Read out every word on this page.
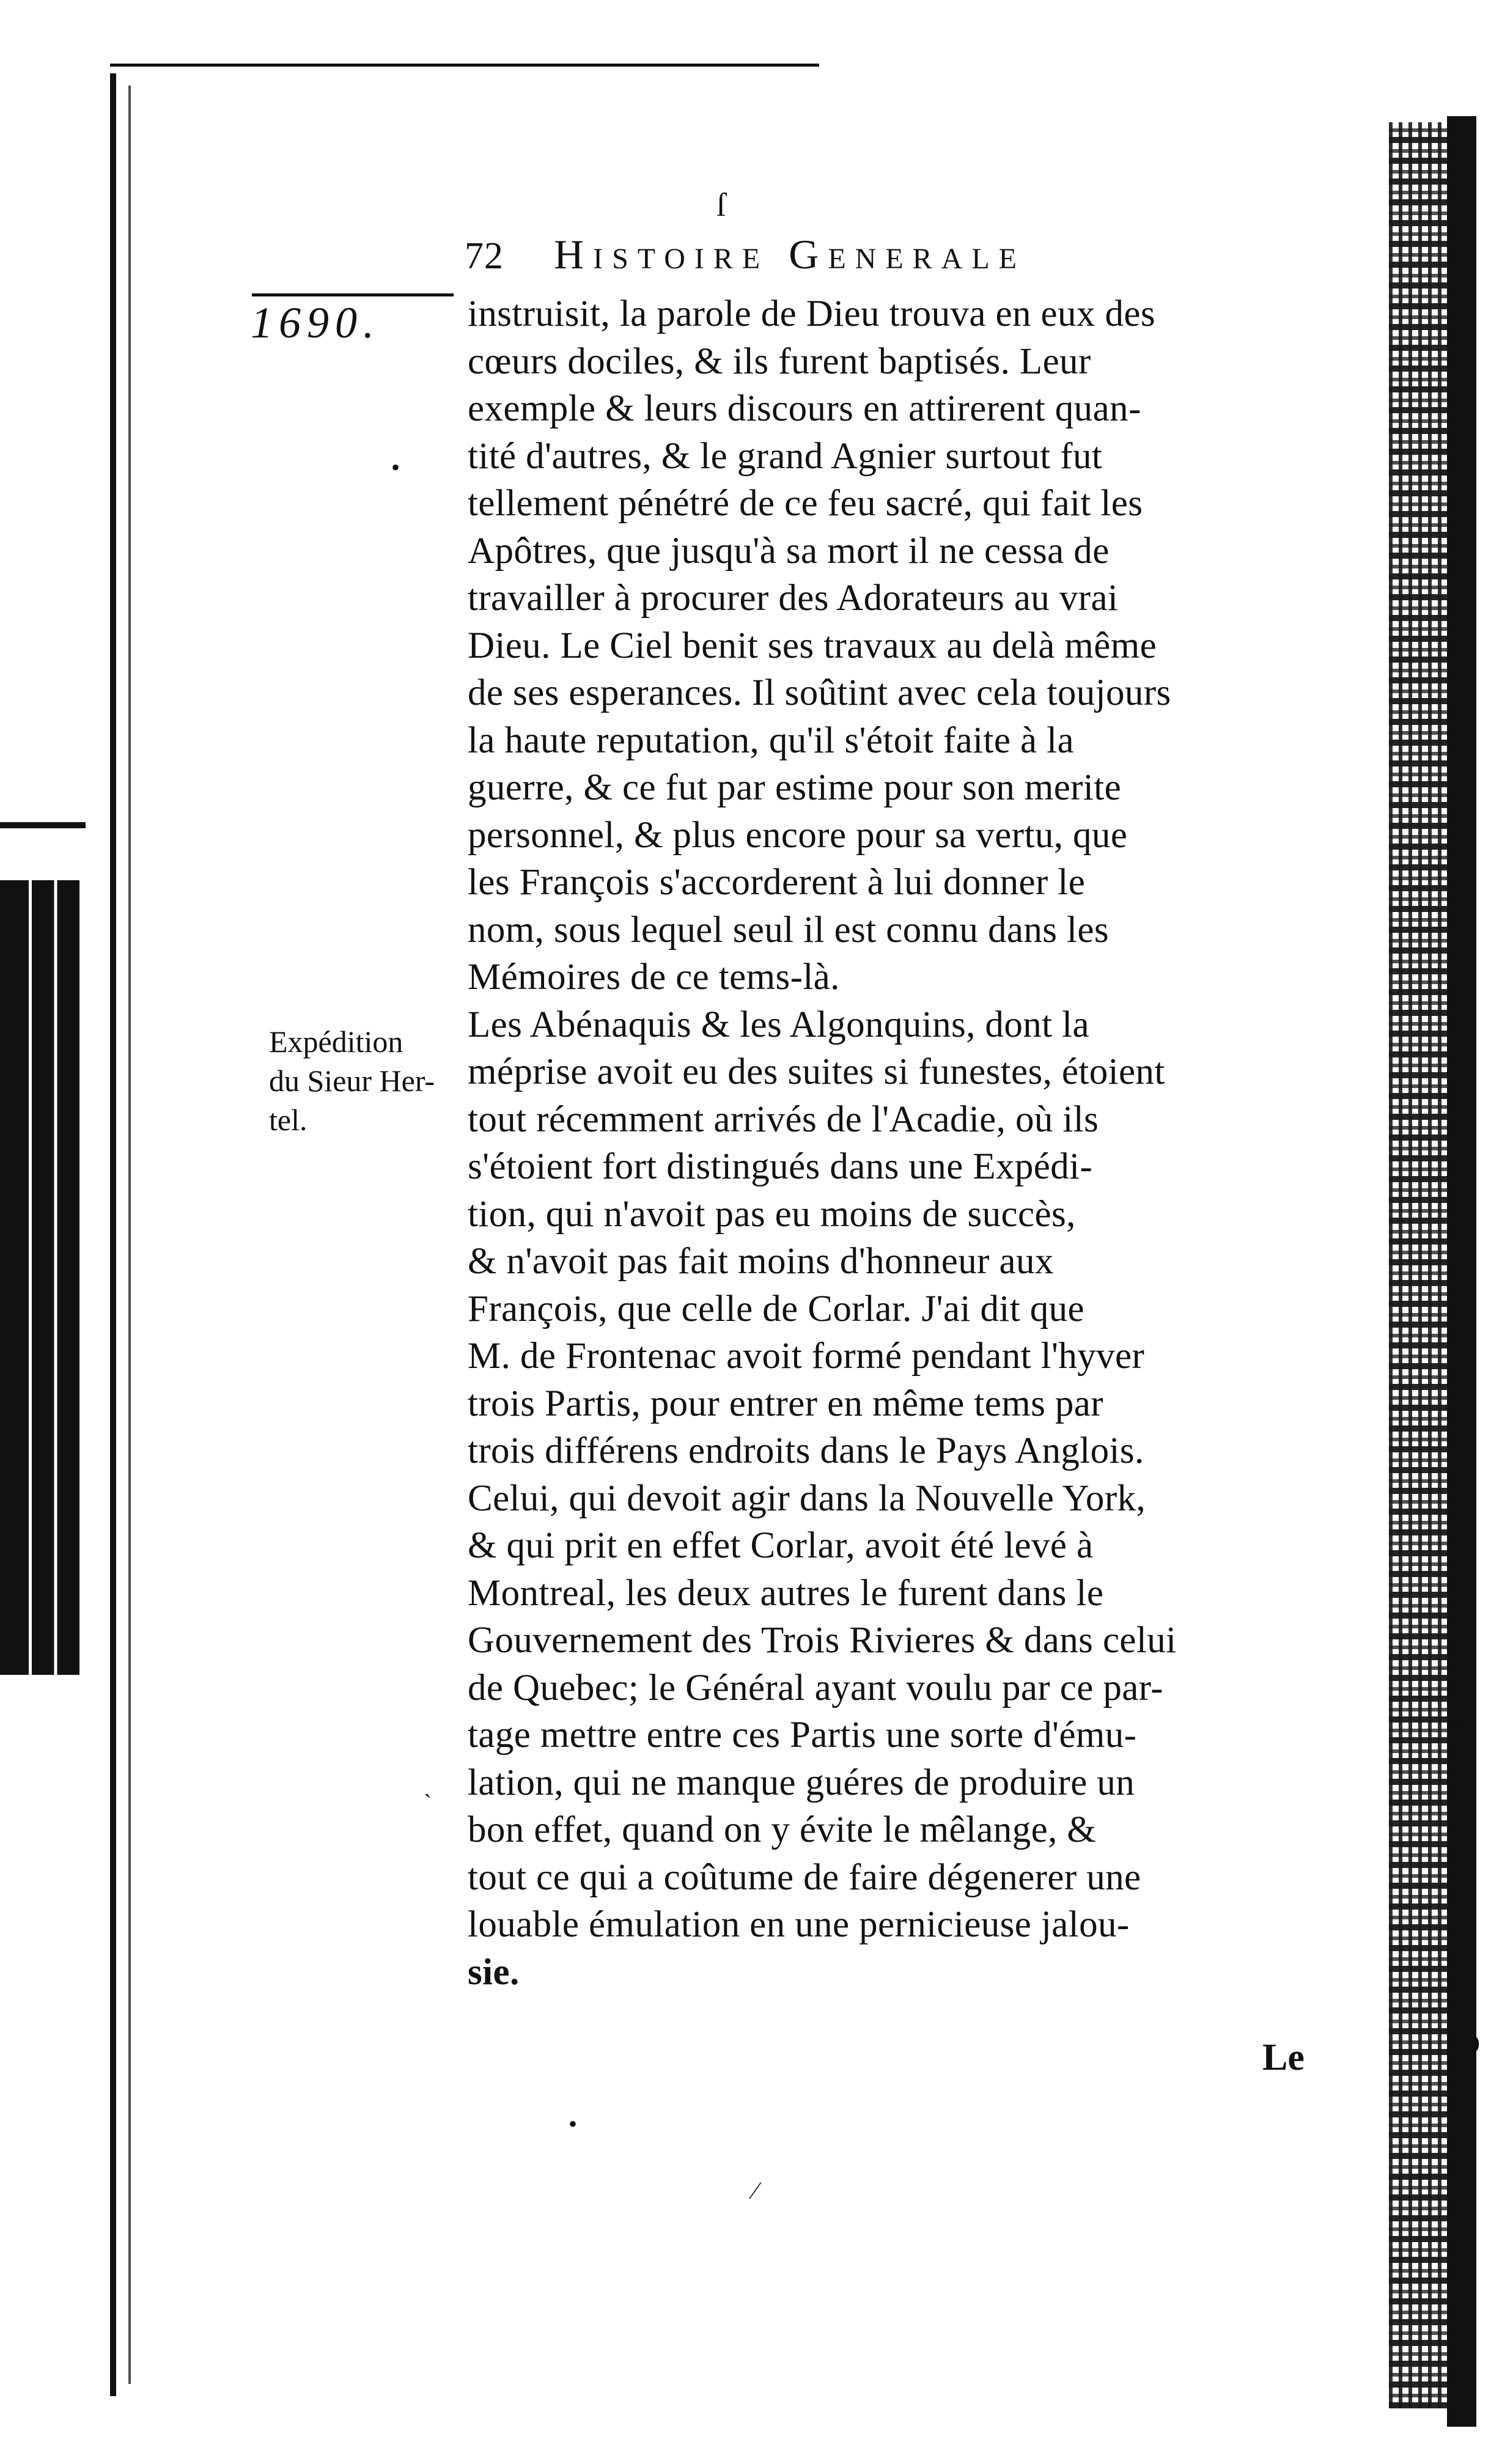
ſ
•
ˋ
•
⁄
72 Histoire Generale
1690.
Expédition
du Sieur Her-
tel.
instruisit, la parole de Dieu trouva en eux des
cœurs dociles, & ils furent baptisés. Leur
exemple & leurs discours en attirerent quan-
tité d'autres, & le grand Agnier surtout fut
tellement pénétré de ce feu sacré, qui fait les
Apôtres, que jusqu'à sa mort il ne cessa de
travailler à procurer des Adorateurs au vrai
Dieu. Le Ciel benit ses travaux au delà même
de ses esperances. Il soûtint avec cela toujours
la haute reputation, qu'il s'étoit faite à la
guerre, & ce fut par estime pour son merite
personnel, & plus encore pour sa vertu, que
les François s'accorderent à lui donner le
nom, sous lequel seul il est connu dans les
Mémoires de ce tems-là.
Les Abénaquis & les Algonquins, dont la
méprise avoit eu des suites si funestes, étoient
tout récemment arrivés de l'Acadie, où ils
s'étoient fort distingués dans une Expédi-
tion, qui n'avoit pas eu moins de succès,
& n'avoit pas fait moins d'honneur aux
François, que celle de Corlar. J'ai dit que
M. de Frontenac avoit formé pendant l'hyver
trois Partis, pour entrer en même tems par
trois différens endroits dans le Pays Anglois.
Celui, qui devoit agir dans la Nouvelle York,
& qui prit en effet Corlar, avoit été levé à
Montreal, les deux autres le furent dans le
Gouvernement des Trois Rivieres & dans celui
de Quebec; le Général ayant voulu par ce par-
tage mettre entre ces Partis une sorte d'ému-
lation, qui ne manque guéres de produire un
bon effet, quand on y évite le mêlange, &
tout ce qui a coûtume de faire dégenerer une
louable émulation en une pernicieuse jalou-
sie.
Le
c
a
n
a
i.
u
ai
co
